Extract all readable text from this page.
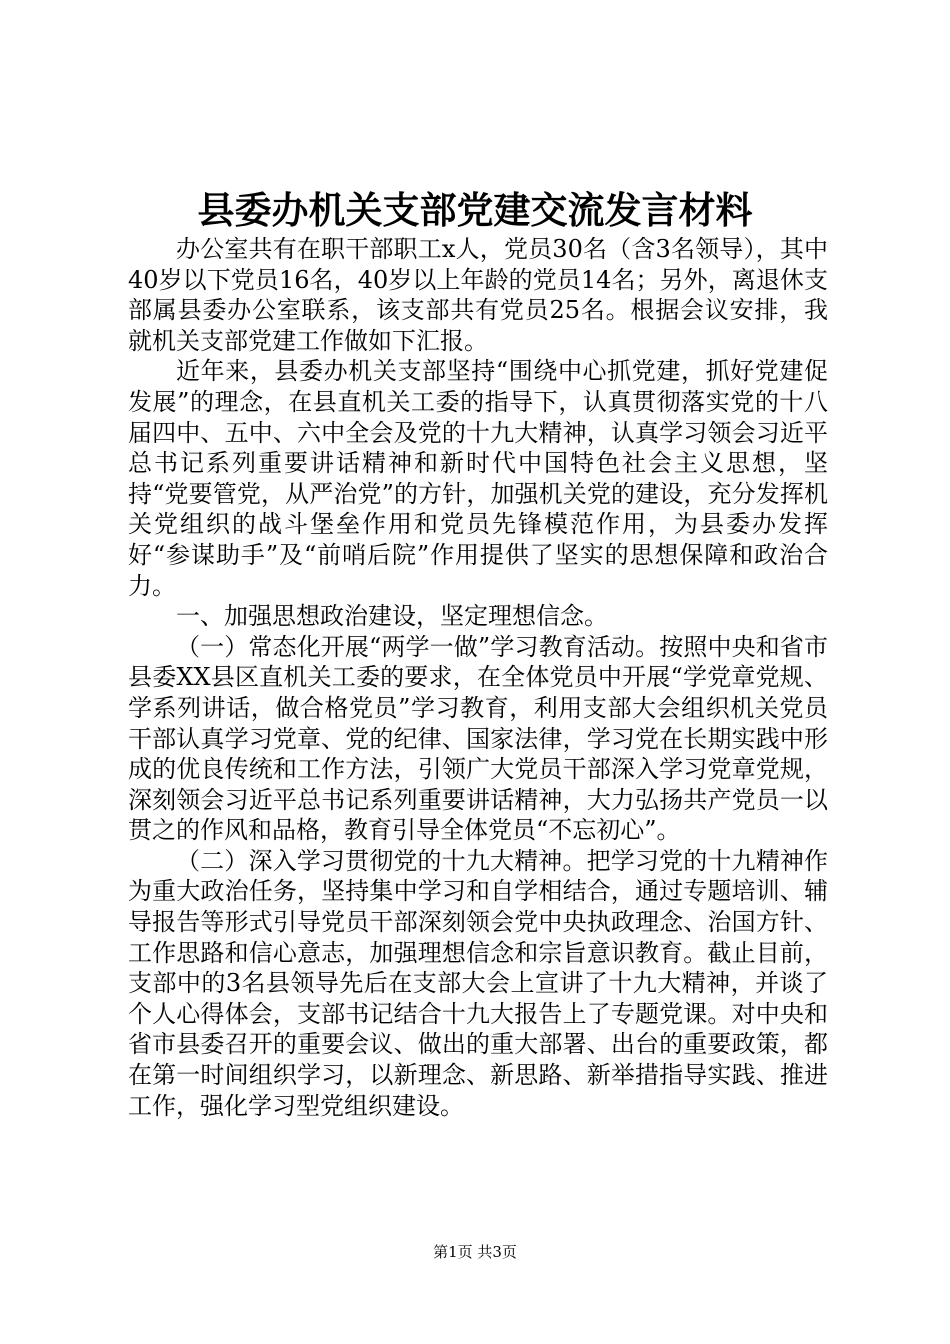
县委办机关支部党建交流发言材料

办公室共有在职干部职工x人，党员30名（含3名领导），其中40岁以下党员16名，40岁以上年龄的党员14名；另外，离退休支部属县委办公室联系，该支部共有党员25名。根据会议安排，我就机关支部党建工作做如下汇报。

近年来，县委办机关支部坚持“围绕中心抓党建，抓好党建促发展”的理念，在县直机关工委的指导下，认真贯彻落实党的十八届四中、五中、六中全会及党的十九大精神，认真学习领会习近平总书记系列重要讲话精神和新时代中国特色社会主义思想，坚持“党要管党，从严治党”的方针，加强机关党的建设，充分发挥机关党组织的战斗堡垒作用和党员先锋模范作用，为县委办发挥好“参谋助手”及“前哨后院”作用提供了坚实的思想保障和政治合力。

一、加强思想政治建设，坚定理想信念。

（一）常态化开展“两学一做”学习教育活动。按照中央和省市县委XX县区直机关工委的要求，在全体党员中开展“学党章党规、学系列讲话，做合格党员”学习教育，利用支部大会组织机关党员干部认真学习党章、党的纪律、国家法律，学习党在长期实践中形成的优良传统和工作方法，引领广大党员干部深入学习党章党规，深刻领会习近平总书记系列重要讲话精神，大力弘扬共产党员一以贯之的作风和品格，教育引导全体党员“不忘初心”。

（二）深入学习贯彻党的十九大精神。把学习党的十九精神作为重大政治任务，坚持集中学习和自学相结合，通过专题培训、辅导报告等形式引导党员干部深刻领会党中央执政理念、治国方针、工作思路和信心意志，加强理想信念和宗旨意识教育。截止目前，支部中的3名县领导先后在支部大会上宣讲了十九大精神，并谈了个人心得体会，支部书记结合十九大报告上了专题党课。对中央和省市县委召开的重要会议、做出的重大部署、出台的重要政策，都在第一时间组织学习，以新理念、新思路、新举措指导实践、推进工作，强化学习型党组织建设。

第1页 共3页
